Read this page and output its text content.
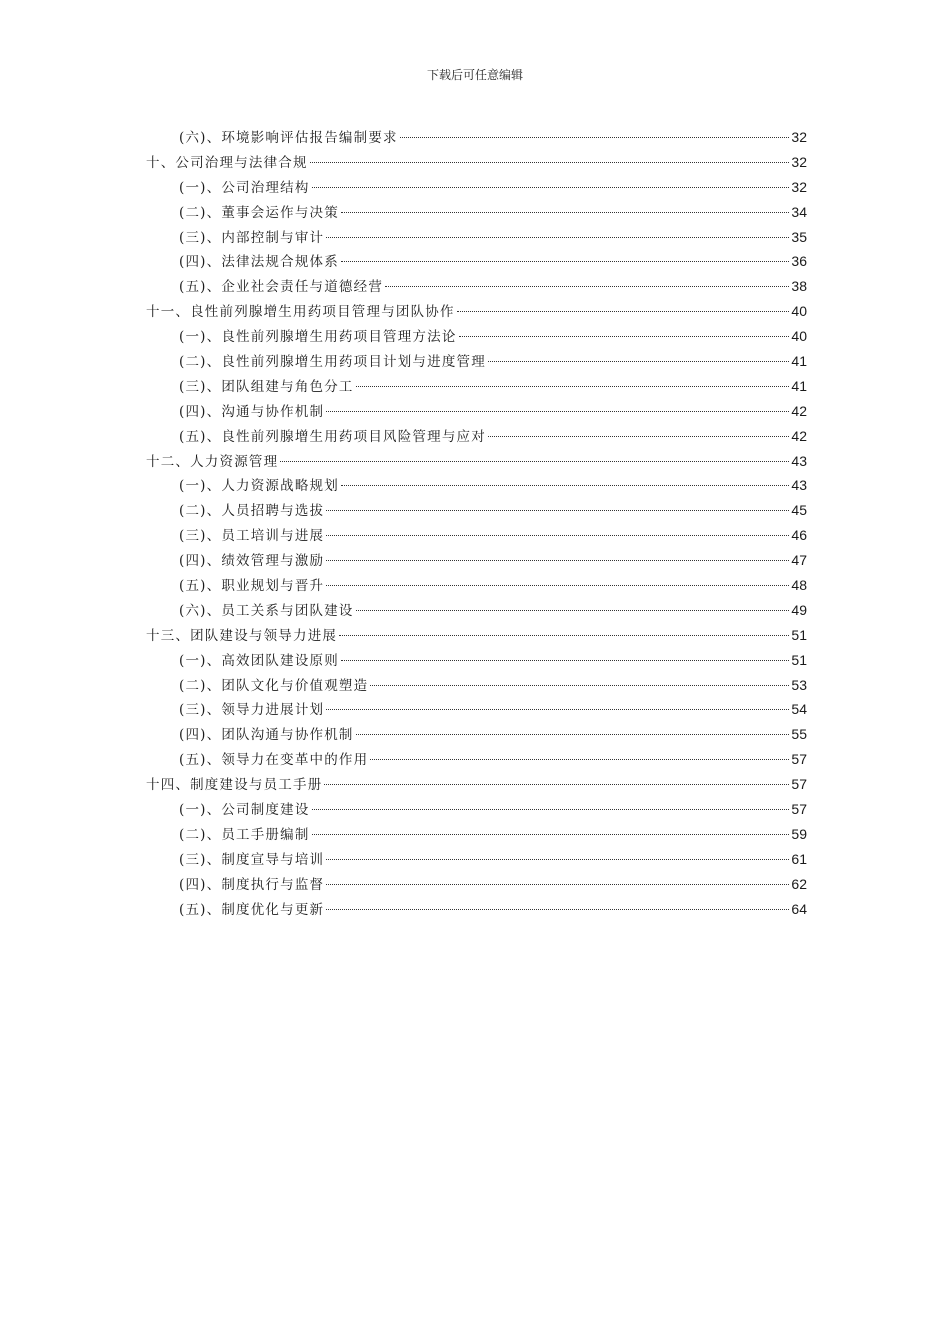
下载后可任意编辑
(六)、环境影响评估报告编制要求	32
十、公司治理与法律合规	32
(一)、公司治理结构	32
(二)、董事会运作与决策	34
(三)、内部控制与审计	35
(四)、法律法规合规体系	36
(五)、企业社会责任与道德经营	38
十一、良性前列腺增生用药项目管理与团队协作	40
(一)、良性前列腺增生用药项目管理方法论	40
(二)、良性前列腺增生用药项目计划与进度管理	41
(三)、团队组建与角色分工	41
(四)、沟通与协作机制	42
(五)、良性前列腺增生用药项目风险管理与应对	42
十二、人力资源管理	43
(一)、人力资源战略规划	43
(二)、人员招聘与选拔	45
(三)、员工培训与进展	46
(四)、绩效管理与激励	47
(五)、职业规划与晋升	48
(六)、员工关系与团队建设	49
十三、团队建设与领导力进展	51
(一)、高效团队建设原则	51
(二)、团队文化与价值观塑造	53
(三)、领导力进展计划	54
(四)、团队沟通与协作机制	55
(五)、领导力在变革中的作用	57
十四、制度建设与员工手册	57
(一)、公司制度建设	57
(二)、员工手册编制	59
(三)、制度宣导与培训	61
(四)、制度执行与监督	62
(五)、制度优化与更新	64
